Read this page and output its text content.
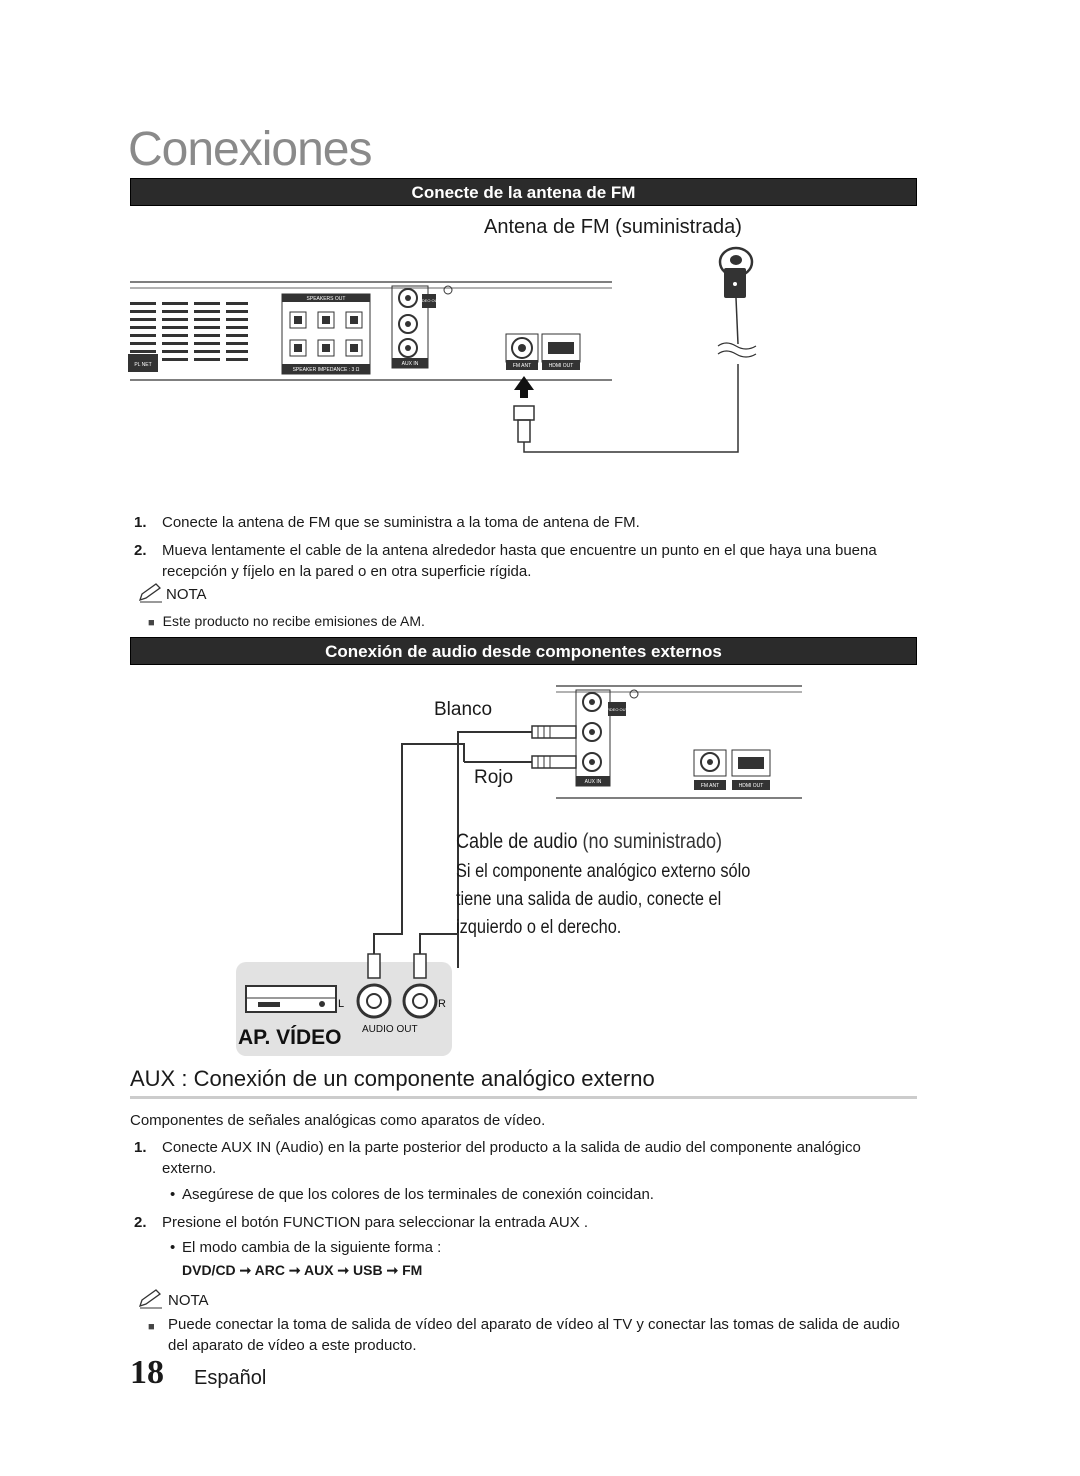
Conexiones
Conecte de la antena de FM
Antena de FM (suministrada)
PL NET
SPEAKERS OUT
SPEAKER IMPEDANCE : 3 Ω
VIDEO OUT
AUX IN	FM ANT	HDMI OUT

1.	Conecte la antena de FM que se suministra a la toma de antena de FM.

2.	Mueva lentamente el cable de la antena alrededor hasta que encuentre un punto en el que haya una buena recepción y fíjelo en la pared o en otra superficie rígida.

NOTA
■ Este producto no recibe emisiones de AM.
Conexión de audio desde componentes externos
VIDEO OUT
AUX IN
FM ANT	HDMI OUT
L	R
AUDIO OUT
AP. VÍDEO
Blanco
Rojo
Cable de audio (no suministrado)
Si el componente analógico externo sólo
tiene una salida de audio, conecte el
izquierdo o el derecho.
AUX : Conexión de un componente analógico externo
Componentes de señales analógicas como aparatos de vídeo.

1.	Conecte AUX IN (Audio) en la parte posterior del producto a la salida de audio del componente analógico externo.

• Asegúrese de que los colores de los terminales de conexión coincidan.

2.	Presione el botón FUNCTION para seleccionar la entrada AUX .

• El modo cambia de la siguiente forma :

DVD/CD ➞ ARC ➞ AUX ➞ USB ➞ FM

NOTA
■ Puede conectar la toma de salida de vídeo del aparato de vídeo al TV y conectar las tomas de salida de audio del aparato de vídeo a este producto.
18 Español
